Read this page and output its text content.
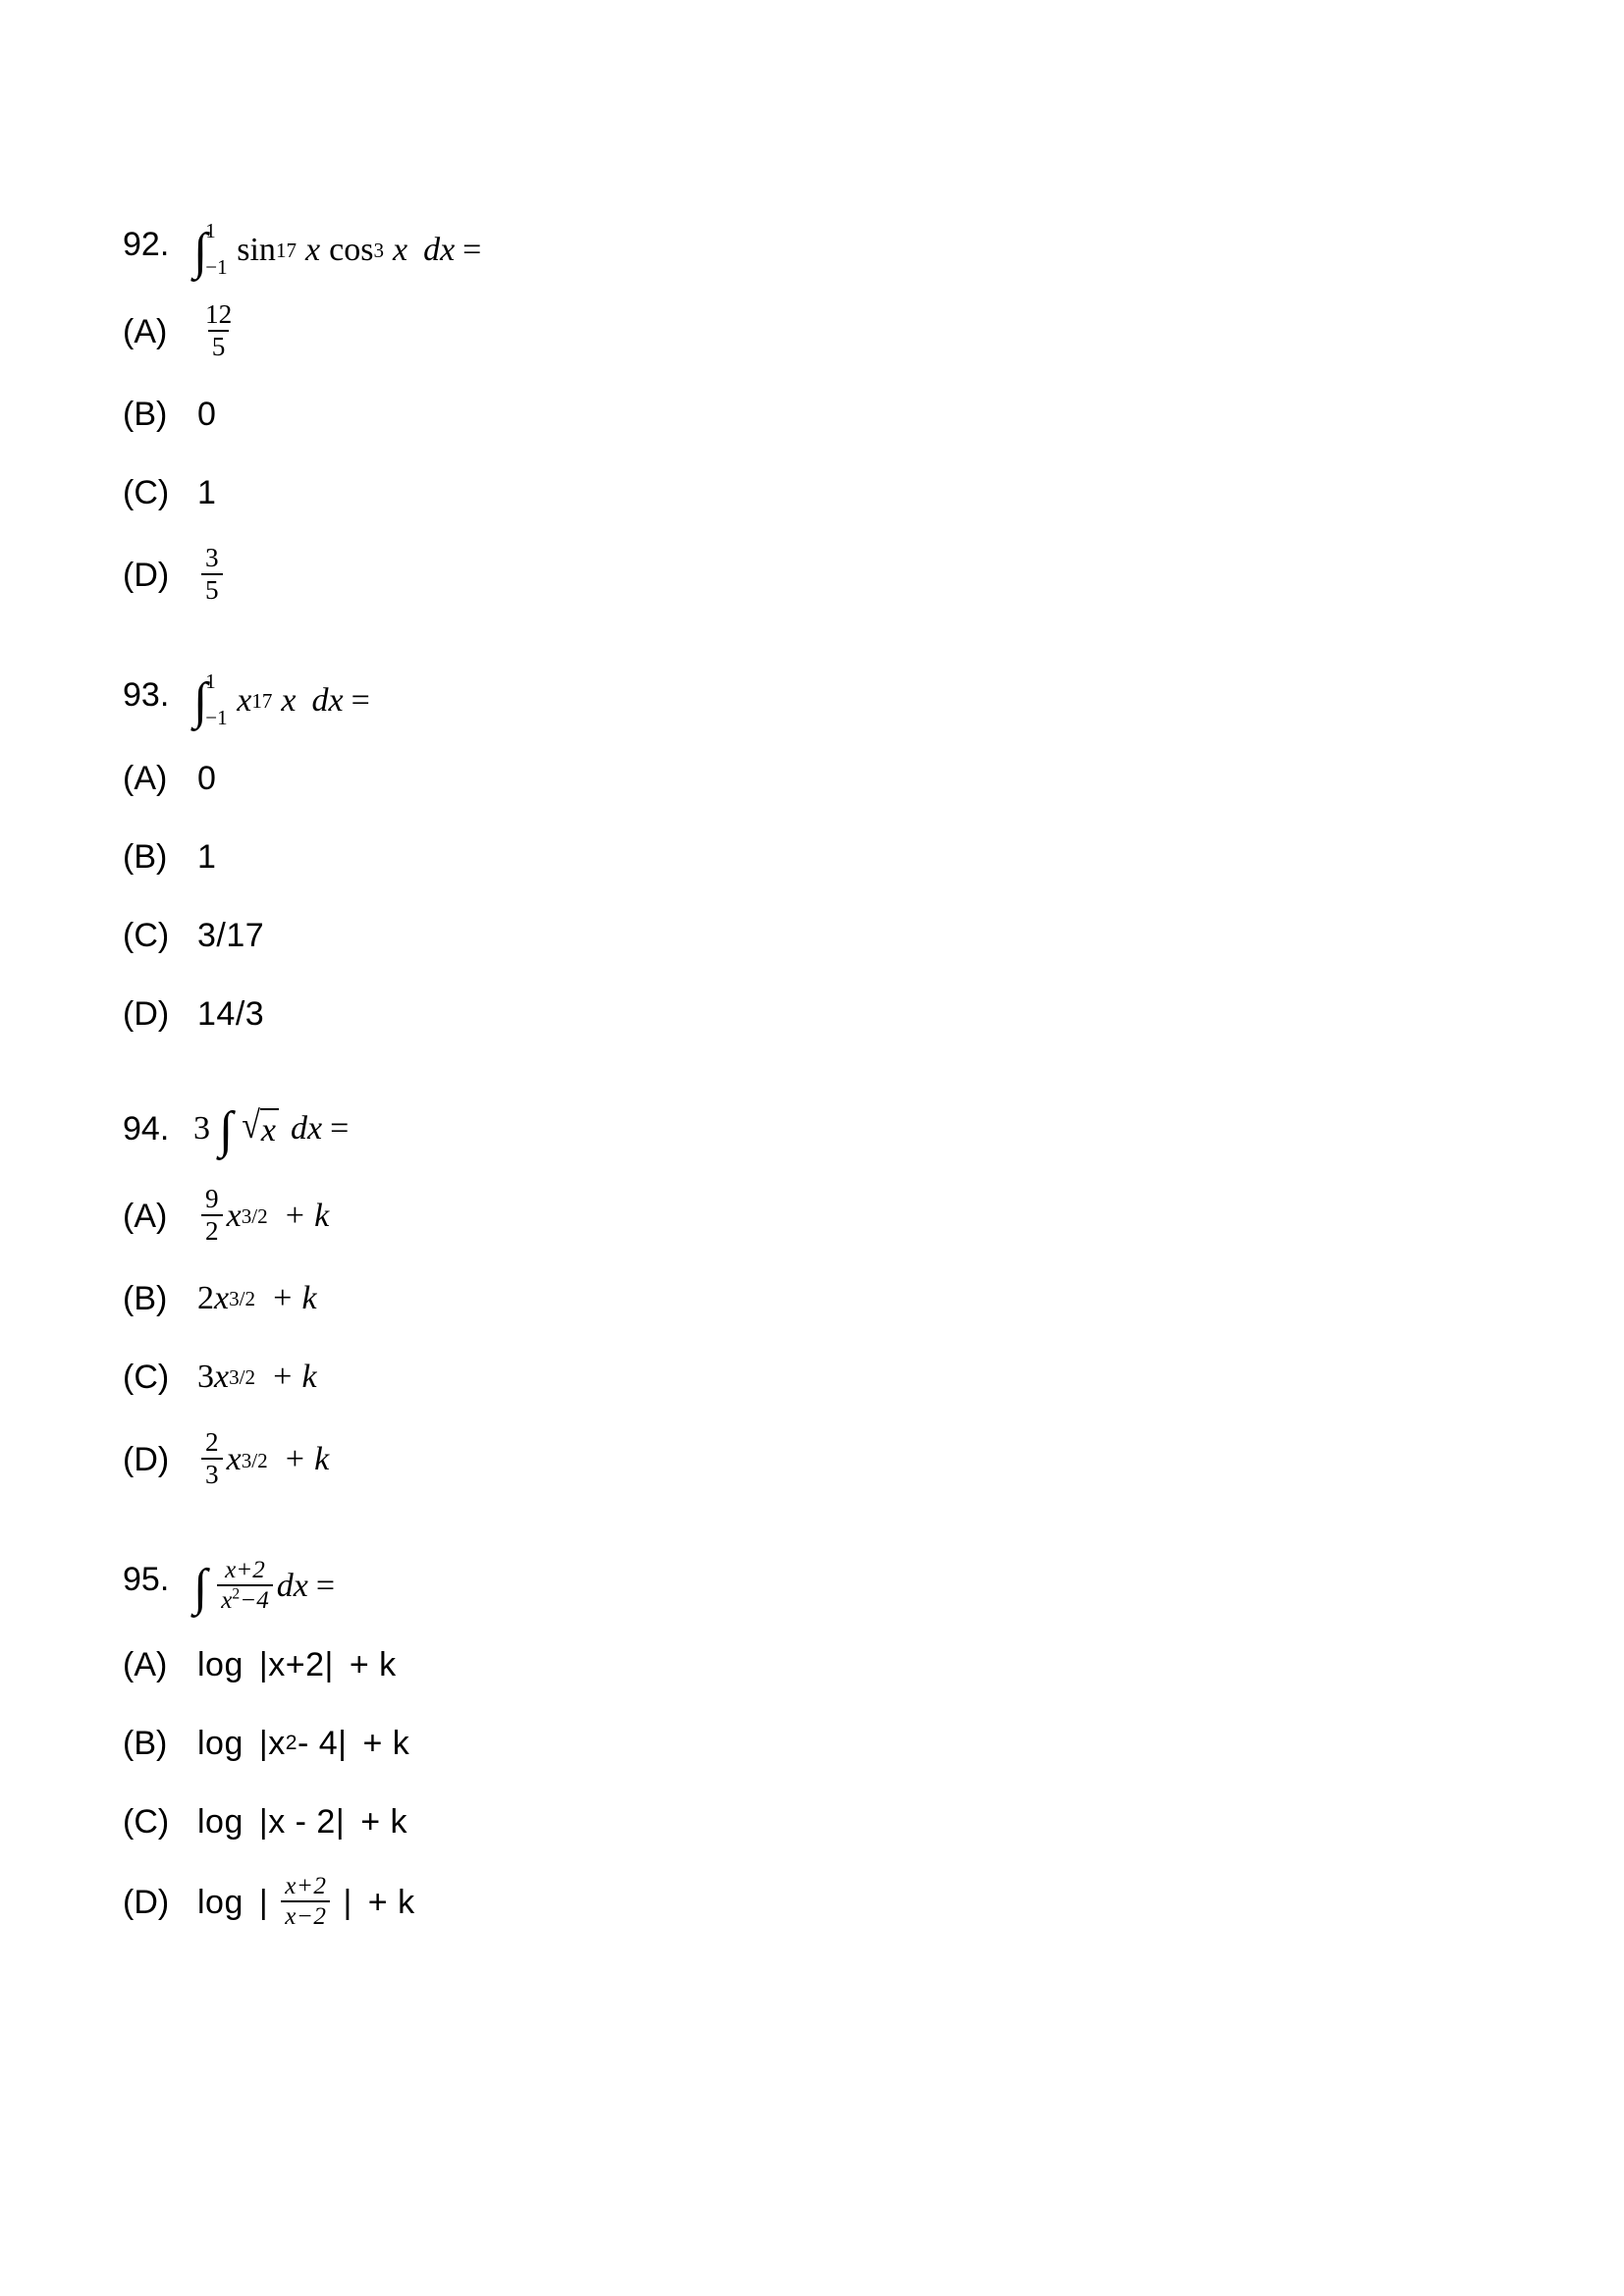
92. ∫
1
−1 sin 17 x cos 3 x dx =
(A)	$\frac{12}{5}$
(B) 0
(C) 1
(D)	$\frac{3}{5}$
93. ∫
1
−1 x 17 x dx =
(A) 0
(B) 1
(C) 3/17
(D) 14/3
94. 3 ∫ √ x dx =
(A)	$\frac{9}{2}$ x 3/2 + k
(B) 2 x 3/2 + k
(C) 3 x 3/2 + k
(D)	$\frac{2}{3}$ x 3/2 + k
95. ∫ $\frac{x+2}{x^2-4}$ dx =
(A) log | x+2 | + k
(B) log | x 2 - 4 | + k
(C) log | x - 2 | + k
(D) log | $\frac{x+2}{x-2}$ | + k
